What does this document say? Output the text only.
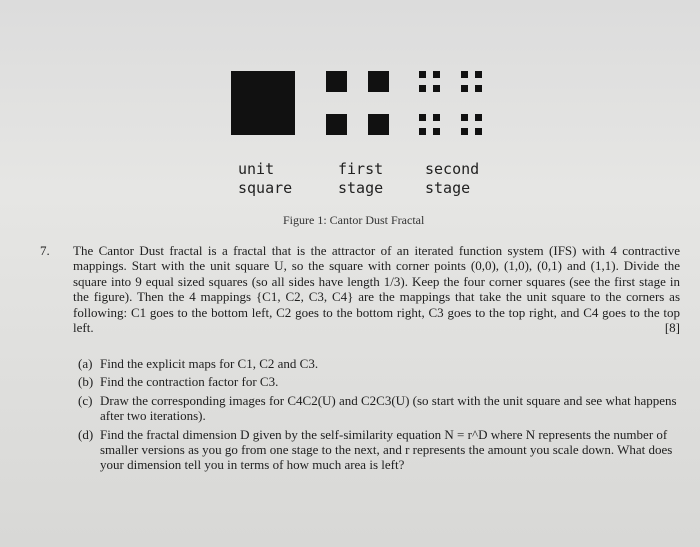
unit
square
first
stage
second
stage
Figure 1: Cantor Dust Fractal
7. The Cantor Dust fractal is a fractal that is the attractor of an iterated function system (IFS) with 4 contractive mappings. Start with the unit square U, so the square with corner points (0,0), (1,0), (0,1) and (1,1). Divide the square into 9 equal sized squares (so all sides have length 1/3). Keep the four corner squares (see the first stage in the figure). Then the 4 mappings {C1, C2, C3, C4} are the mappings that take the unit square to the corners as following: C1 goes to the bottom left, C2 goes to the bottom right, C3 goes to the top right, and C4 goes to the top left.	[8]
(a) Find the explicit maps for C1, C2 and C3.
(b) Find the contraction factor for C3.
(c) Draw the corresponding images for C4C2(U) and C2C3(U) (so start with the unit square and see what happens after two iterations).
(d) Find the fractal dimension D given by the self-similarity equation N = r^D where N represents the number of smaller versions as you go from one stage to the next, and r represents the amount you scale down. What does your dimension tell you in terms of how much area is left?
